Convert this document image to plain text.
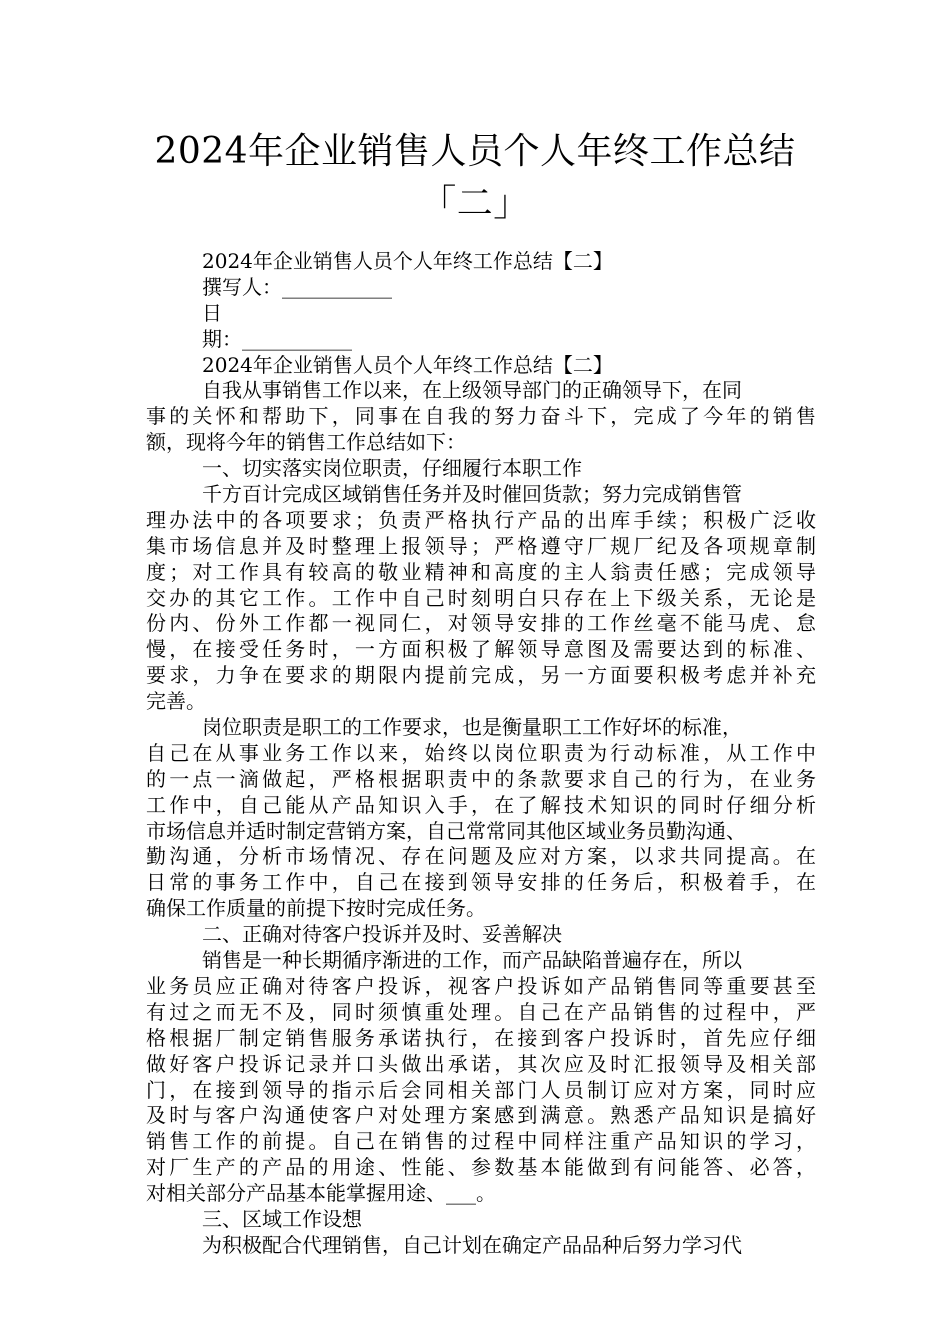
2024年企业销售人员个人年终工作总结
「二」
2024年企业销售人员个人年终工作总结【二】
撰写人：___________
日
期：___________
2024年企业销售人员个人年终工作总结【二】
自我从事销售工作以来，在上级领导部门的正确领导下，在同
事的关怀和帮助下，同事在自我的努力奋斗下，完成了今年的销售
额，现将今年的销售工作总结如下：
一、切实落实岗位职责，仔细履行本职工作
千方百计完成区域销售任务并及时催回货款；努力完成销售管
理办法中的各项要求；负责严格执行产品的出库手续；积极广泛收
集市场信息并及时整理上报领导；严格遵守厂规厂纪及各项规章制
度；对工作具有较高的敬业精神和高度的主人翁责任感；完成领导
交办的其它工作。工作中自己时刻明白只存在上下级关系，无论是
份内、份外工作都一视同仁，对领导安排的工作丝毫不能马虎、怠
慢，在接受任务时，一方面积极了解领导意图及需要达到的标准、
要求，力争在要求的期限内提前完成，另一方面要积极考虑并补充
完善。
岗位职责是职工的工作要求，也是衡量职工工作好坏的标准，
自己在从事业务工作以来，始终以岗位职责为行动标准，从工作中
的一点一滴做起，严格根据职责中的条款要求自己的行为，在业务
工作中，自己能从产品知识入手，在了解技术知识的同时仔细分析
市场信息并适时制定营销方案，自己常常同其他区域业务员勤沟通、
勤沟通，分析市场情况、存在问题及应对方案，以求共同提高。在
日常的事务工作中，自己在接到领导安排的任务后，积极着手，在
确保工作质量的前提下按时完成任务。
二、正确对待客户投诉并及时、妥善解决
销售是一种长期循序渐进的工作，而产品缺陷普遍存在，所以
业务员应正确对待客户投诉，视客户投诉如产品销售同等重要甚至
有过之而无不及，同时须慎重处理。自己在产品销售的过程中，严
格根据厂制定销售服务承诺执行，在接到客户投诉时，首先应仔细
做好客户投诉记录并口头做出承诺，其次应及时汇报领导及相关部
门，在接到领导的指示后会同相关部门人员制订应对方案，同时应
及时与客户沟通使客户对处理方案感到满意。熟悉产品知识是搞好
销售工作的前提。自己在销售的过程中同样注重产品知识的学习，
对厂生产的产品的用途、性能、参数基本能做到有问能答、必答，
对相关部分产品基本能掌握用途、___。
三、区域工作设想
为积极配合代理销售，自己计划在确定产品品种后努力学习代
